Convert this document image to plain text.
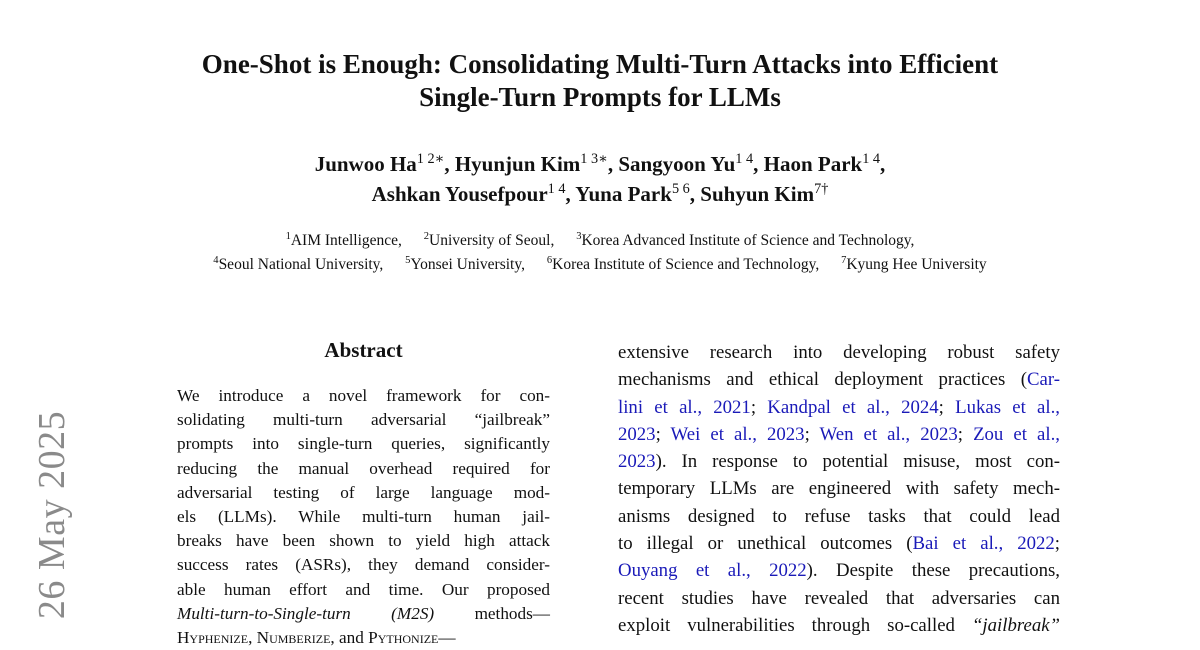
One-Shot is Enough: Consolidating Multi-Turn Attacks into Efficient
Single-Turn Prompts for LLMs
Junwoo $Ha^{1 2∗}$, Hyunjun Kim$^{1 3∗}$, Sangyoon $Yu^{1 4}$, Haon Park$^{1 4}$,
Ashkan Yousefpour$^{1 4}$, Yuna Park$^{5 6}$, Suhyun Kim$^{7\dagger}$
$^1$AIM Intelligence, $^2$University of Seoul, $^3$Korea Advanced Institute of Science and Technology,
$^4$Seoul National University, $^5$Yonsei University, $^6$Korea Institute of Science and Technology, $^7$Kyung Hee University
26 May 2025
Abstract
We introduce a novel framework for con-
solidating multi-turn adversarial “jailbreak”
prompts into single-turn queries, significantly
reducing the manual overhead required for
adversarial testing of large language mod-
els (LLMs). While multi-turn human jail-
breaks have been shown to yield high attack
success rates (ASRs), they demand consider-
able human effort and time. Our proposed
Multi-turn-to-Single-turn (M2S) methods—
Hyphenize, Numberize, and Pythonize—
extensive research into developing robust safety
mechanisms and ethical deployment practices (Car-
lini et al., 2021; Kandpal et al., 2024; Lukas et al.,
2023; Wei et al., 2023; Wen et al., 2023; Zou et al.,
2023). In response to potential misuse, most con-
temporary LLMs are engineered with safety mech-
anisms designed to refuse tasks that could lead
to illegal or unethical outcomes (Bai et al., 2022;
Ouyang et al., 2022). Despite these precautions,
recent studies have revealed that adversaries can
exploit vulnerabilities through so-called “jailbreak”
